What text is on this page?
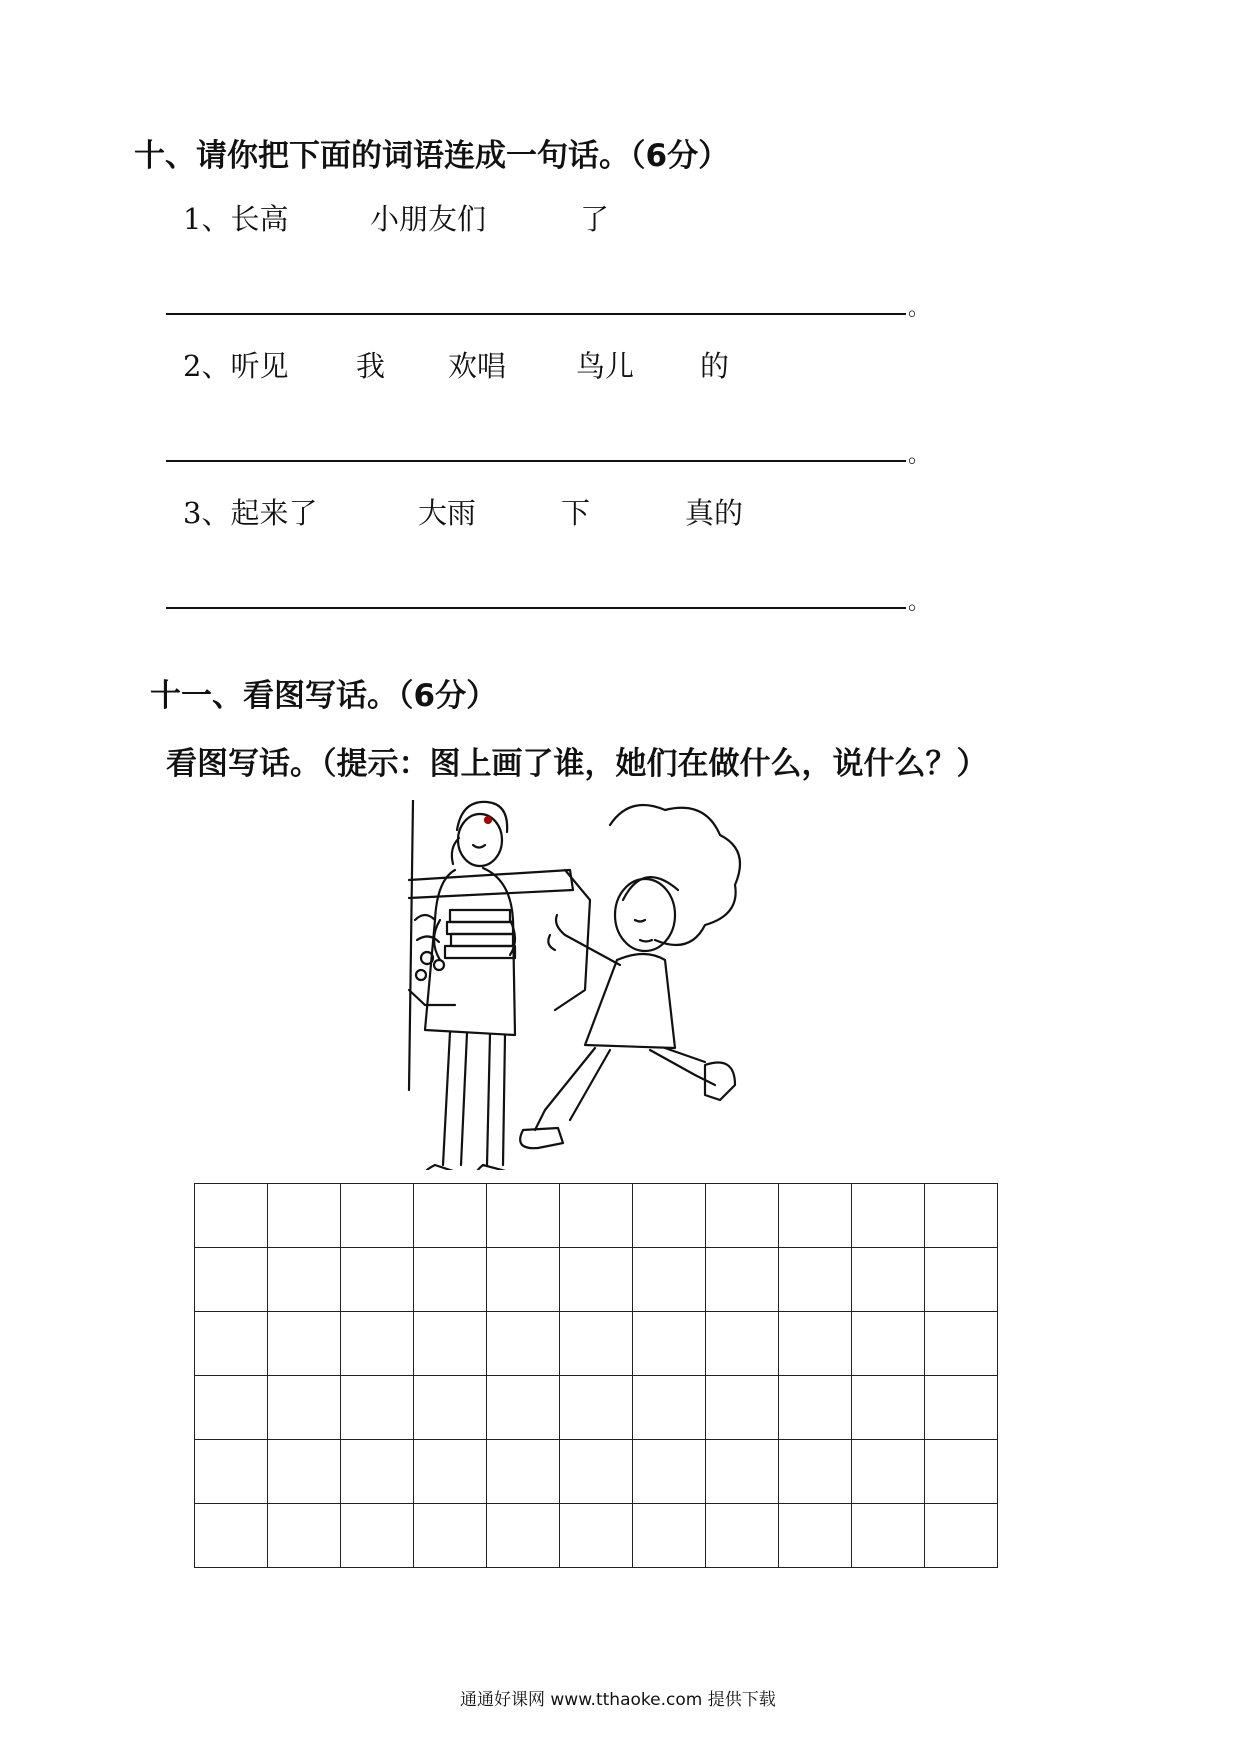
十、请你把下面的词语连成一句话。（6分）
1、长高	小朋友们	了
。
2、听见 我 欢唱 鸟儿 的
。
3、起来了	大雨	下	真的
。
十一、看图写话。（6分）
看图写话。（提示：图上画了谁，她们在做什么，说什么？）

通通好课网 www.tthaoke.com 提供下载
